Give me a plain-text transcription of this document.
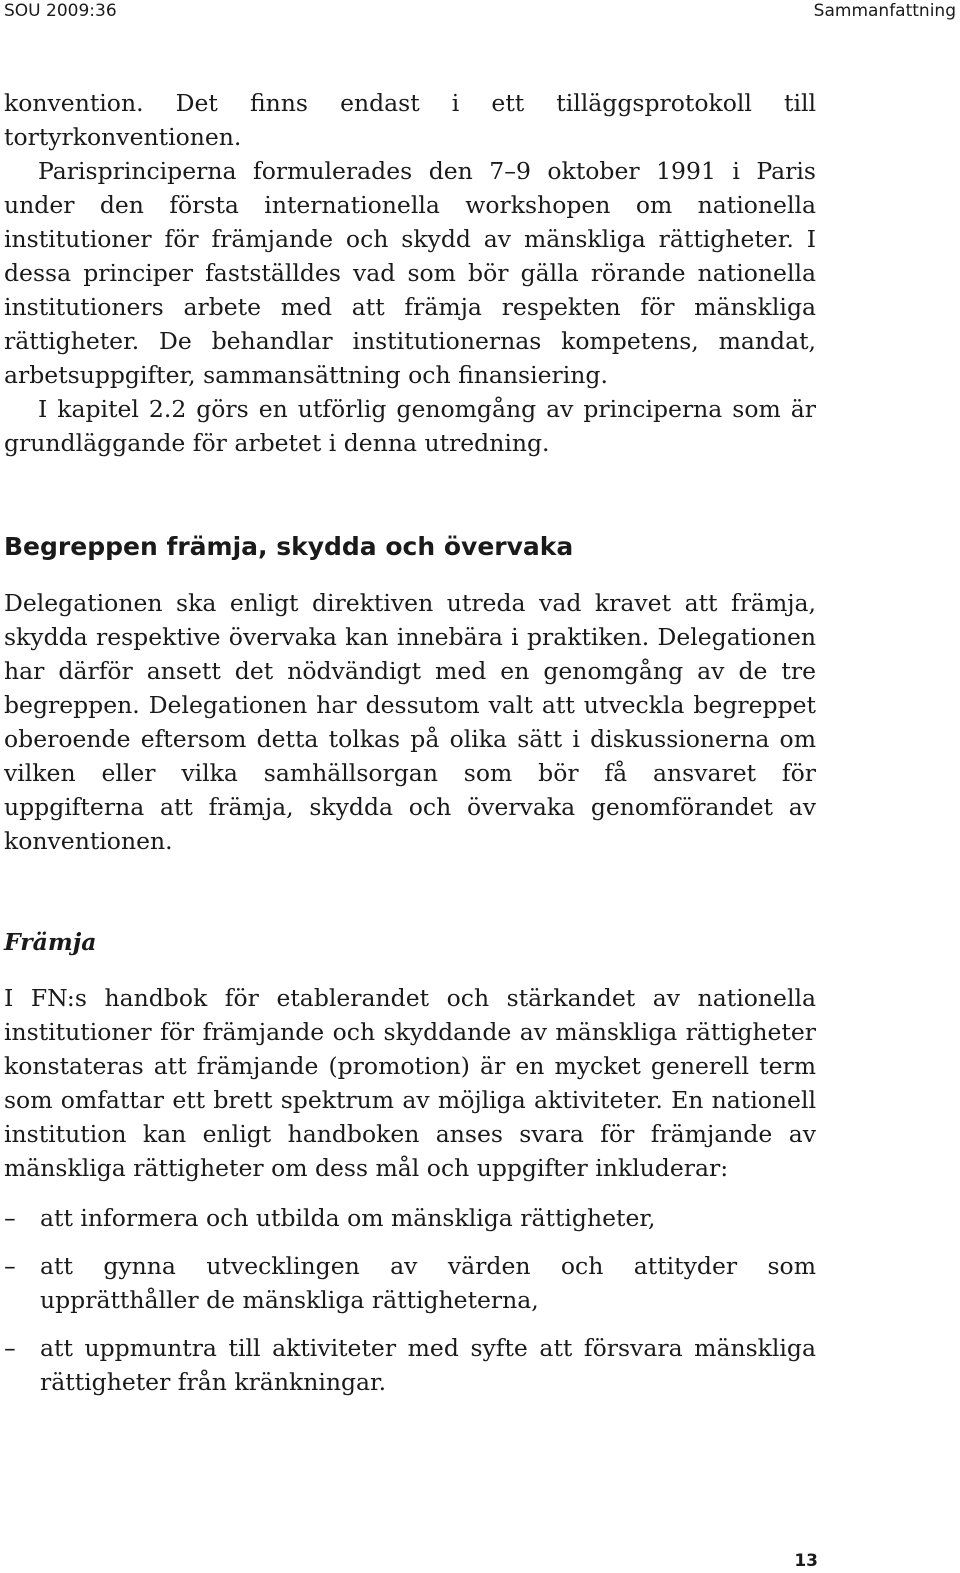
SOU 2009:36	Sammanfattning

konvention. Det finns endast i ett tilläggsprotokoll till tortyrkonventionen.

Parisprinciperna formulerades den 7–9 oktober 1991 i Paris under den första internationella workshopen om nationella institutioner för främjande och skydd av mänskliga rättigheter. I dessa principer fastställdes vad som bör gälla rörande nationella institutioners arbete med att främja respekten för mänskliga rättigheter. De behandlar institutionernas kompetens, mandat, arbetsuppgifter, sammansättning och finansiering.

I kapitel 2.2 görs en utförlig genomgång av principerna som är grundläggande för arbetet i denna utredning.

Begreppen främja, skydda och övervaka

Delegationen ska enligt direktiven utreda vad kravet att främja, skydda respektive övervaka kan innebära i praktiken. Delegationen har därför ansett det nödvändigt med en genomgång av de tre begreppen. Delegationen har dessutom valt att utveckla begreppet oberoende eftersom detta tolkas på olika sätt i diskussionerna om vilken eller vilka samhällsorgan som bör få ansvaret för uppgifterna att främja, skydda och övervaka genomförandet av konventionen.

Främja

I FN:s handbok för etablerandet och stärkandet av nationella institutioner för främjande och skyddande av mänskliga rättigheter konstateras att främjande (promotion) är en mycket generell term som omfattar ett brett spektrum av möjliga aktiviteter. En nationell institution kan enligt handboken anses svara för främjande av mänskliga rättigheter om dess mål och uppgifter inkluderar:

– att informera och utbilda om mänskliga rättigheter,
– att gynna utvecklingen av värden och attityder som upprätthåller de mänskliga rättigheterna,
– att uppmuntra till aktiviteter med syfte att försvara mänskliga rättigheter från kränkningar.
13
